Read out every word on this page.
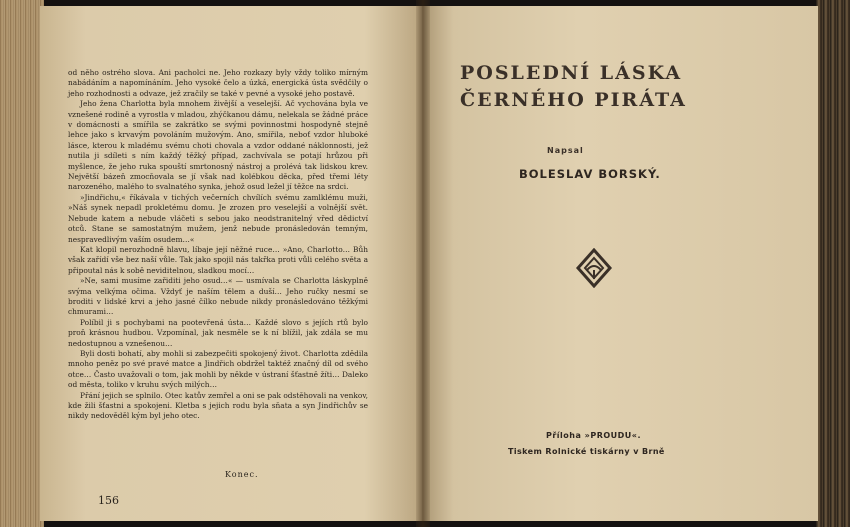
od něho ostrého slova. Ani pacholci ne. Jeho rozkazy byly vždy tolikо mírným nabádáním a napomínáním. Jeho vysoké čelo a úzká, energická ústa svědčily o jeho rozhodnosti a odvaze, jež zračily se také v pevné a vysoké jeho postavě.

Jeho žena Charlotta byla mnohem živější a veselejší. Ač vychována byla ve vznešené rodině a vyrostla v mladou, zhýčkanou dámu, nelekala se žádné práce v domácnosti a smířila se zakrátko se svými povinnostmi hospodyně stejně lehce jako s krvavým povoláním mužovým. Ano, smířila, neboť vzdor hluboké lásce, kterou k mladému svému choti chovala a vzdor oddané náklonnosti, jež nutila ji sdíleti s ním každý těžký případ, zachvívala se potají hrůzou při myšlence, že jeho ruka spouští smrtonosný nástroj a prolévá tak lidskou krev. Největší bázeň zmocňovala se jí však nad kolébkou děcka, před třemi léty narozeného, malého to svalnatého synka, jehož osud ležel jí těžce na srdci.

»Jindřichu,« říkávala v tichých večerních chvílích svému zamlklému muži, »Náš synek nepadl prokletému domu. Je zrozen pro veselejší a volnější svět. Nebude katem a nebude vláčeti s sebou jako neodstranitelný vřed dědictví otců. Stane se samostatným mužem, jenž nebude pronásledován temným, nespravedlivým vaším osudem…«

Kat klopil nerozhodně hlavu, líbaje její něžné ruce… »Ano, Charlotto… Bůh však zařídí vše bez naší vůle. Tak jako spojil nás takřka proti vůli celého světa a připoutal nás k sobě neviditelnou, sladkou mocí…

»Ne, sami musíme zařiditi jeho osud…« — usmívala se Charlotta láskyplně svýma velkýma očima. Vždyť je naším tělem a duší… Jeho ručky nesmí se broditi v lidské krvi a jeho jasné čílko nebude nikdy pronásledováno těžkými chmurami…

Políbil ji s pochybami na pootevřená ústa… Každé slovo s jejích rtů bylo proň krásnou hudbou. Vzpomínal, jak nesměle se k ní blížil, jak zdála se mu nedostupnou a vznešenou…

Byli dosti bohatí, aby mohli si zabezpečiti spokojený život. Charlotta zdědila mnoho peněz po své pravé matce a Jindřich obdržel taktéž značný díl od svého otce… Často uvažovali o tom, jak mohli by někde v ústraní šťastně žíti… Daleko od města, toliko v kruhu svých milých…

Přání jejich se splnilo. Otec katův zemřel a oni se pak odstěhovali na venkov, kde žili šťastni a spokojeni. Kletba s jejich rodu byla sňata a syn Jindřichův se nikdy nedověděl kým byl jeho otec.

Konec.
156
POSLEDNÍ LÁSKA
ČERNÉHO PIRÁTA
Napsal
BOLESLAV BORSKÝ.
Příloha »PROUDU«.
Tiskem Rolnické tiskárny v Brně
